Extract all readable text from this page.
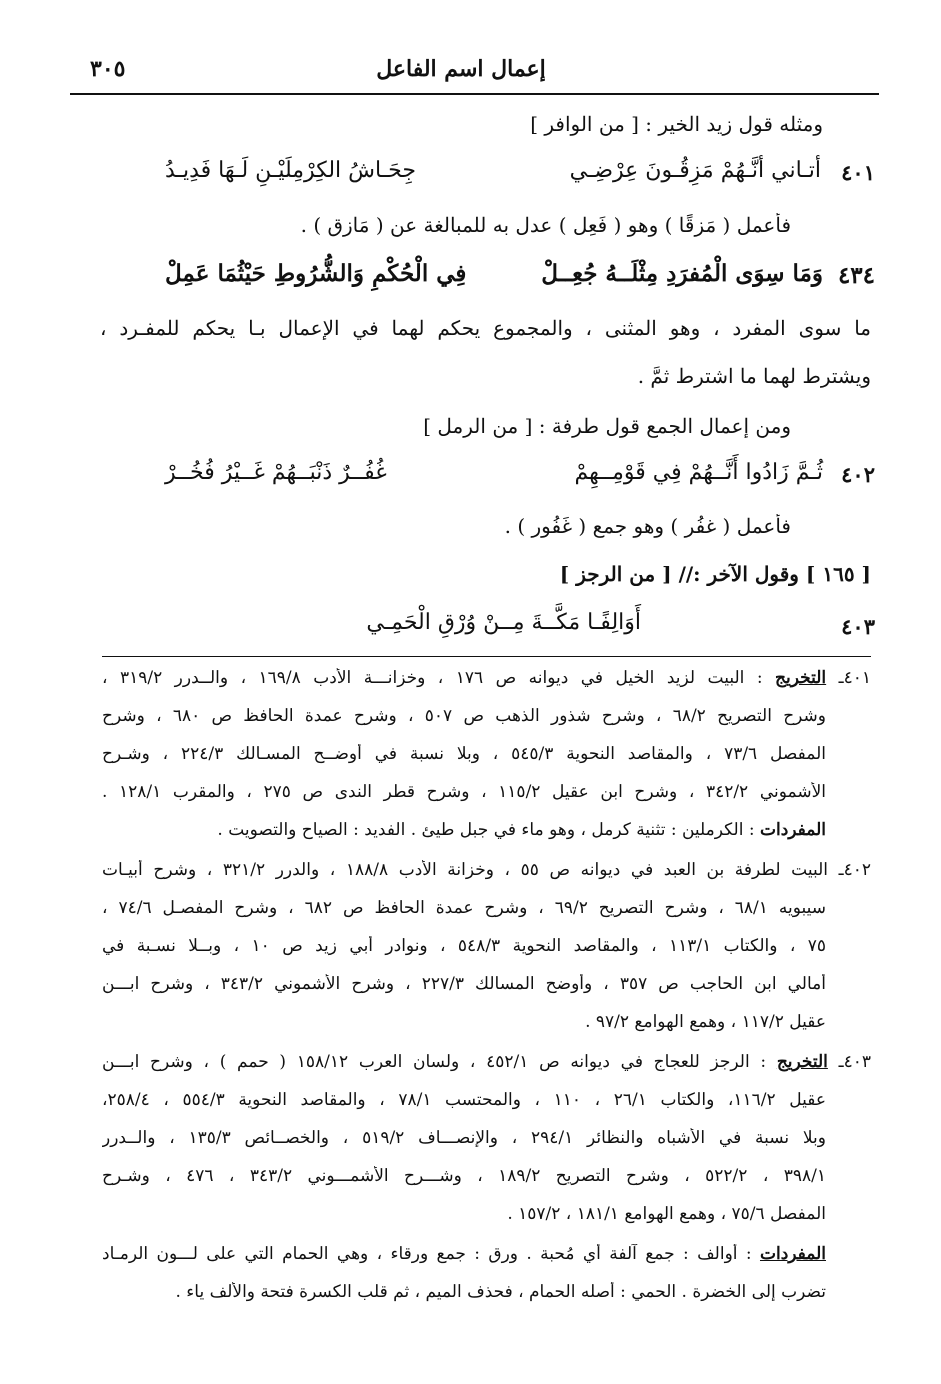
إعمال اسم الفاعل
٣٠٥
ومثله قول زيد الخير : [ من الوافر ]
٤٠١
أتـاني أنَّـهُمْ مَزِقُـونَ عِرْضِـي
جِحَـاشُ الكِرْمِلَيْـنِ لَـهَا فَدِيـدُ
فأعمل ( مَزِقًا ) وهو ( فَعِل ) عدل به للمبالغة عن ( مَازِق ) .
٤٣٤
وَمَا سِوَى الْمُفرَدِ مِثْلَــهُ جُعِــلْ
فِي الْحُكْمِ وَالشُّرُوطِ حَيْثُمَا عَمِلْ
ما سوى المفرد ، وهو المثنى ، والمجموع يحكم لهما في الإعمال بـا يحكم للمفـرد ،
ويشترط لهما ما اشترط ثمَّ .
ومن إعمال الجمع قول طرفة : [ من الرمل ]
٤٠٢
ثُـمَّ زَادُوا أَنَّــهُمْ فِي قَوْمِــهِمْ
غُفُــرٌ ذَنْبَــهُمْ غَــيْرُ فُخُــرْ
فأعمل ( غفُر ) وهو جمع ( غَفُور ) .
[ ١٦٥ ] وقول الآخر :// [ من الرجز ]
٤٠٣
أَوَالِفًـا مَكَّــةَ مِــنْ وُرْقِ الْحَمِـي
٤٠١ـ التخريج : البيت لزيد الخيل في ديوانه ص ١٧٦ ، وخزانـــة الأدب ١٦٩/٨ ، والــدرر ٣١٩/٢ ،
وشرح التصريح ٦٨/٢ ، وشرح شذور الذهب ص ٥٠٧ ، وشرح عمدة الحافظ ص ٦٨٠ ، وشرح
المفصل ٧٣/٦ ، والمقاصد النحوية ٥٤٥/٣ ، وبلا نسبة في أوضــح المسـالك ٢٢٤/٣ ، وشـرح
الأشموني ٣٤٢/٢ ، وشرح ابن عقيل ١١٥/٢ ، وشرح قطر الندى ص ٢٧٥ ، والمقرب ١٢٨/١ .
المفردات : الكرملين : تثنية كرمل ، وهو ماء في جبل طيئ . الفديد : الصياح والتصويت .
٤٠٢ـ البيت لطرفة بن العبد في ديوانه ص ٥٥ ، وخزانة الأدب ١٨٨/٨ ، والدرر ٣٢١/٢ ، وشرح أبيـات
سيبويه ٦٨/١ ، وشرح التصريح ٦٩/٢ ، وشرح عمدة الحافظ ص ٦٨٢ ، وشرح المفصـل ٧٤/٦ ،
٧٥ ، والكتاب ١١٣/١ ، والمقاصد النحوية ٥٤٨/٣ ، ونوادر أبي زيد ص ١٠ ، وبــلا نسـبة في
أمالي ابن الحاجب ص ٣٥٧ ، وأوضح المسالك ٢٢٧/٣ ، وشرح الأشموني ٣٤٣/٢ ، وشرح ابـــن
عقيل ١١٧/٢ ، وهمع الهوامع ٩٧/٢ .
٤٠٣ـ التخريج : الرجز للعجاج في ديوانه ص ٤٥٢/١ ، ولسان العرب ١٥٨/١٢ ( حمم ) ، وشرح ابـــن
عقيل ١١٦/٢، والكتاب ٢٦/١ ، ١١٠ ، والمحتسب ٧٨/١ ، والمقاصد النحوية ٥٥٤/٣ ، ٢٥٨/٤،
وبلا نسبة في الأشباه والنظائر ٢٩٤/١ ، والإنصـــاف ٥١٩/٢ ، والخصــائص ١٣٥/٣ ، والــدرر
٣٩٨/١ ، ٥٢٢/٢ ، وشرح التصريح ١٨٩/٢ ، وشـــرح الأشمـــوني ٣٤٣/٢ ، ٤٧٦ ، وشـرح
المفصل ٧٥/٦ ، وهمع الهوامع ١٨١/١ ، ١٥٧/٢ .
المفردات : أوالف : جمع آلفة أي مُحبة . ورق : جمع ورقاء ، وهي الحمام التي على لـــون الرمـاد
تضرب إلى الخضرة . الحمي : أصله الحمام ، فحذف الميم ، ثم قلب الكسرة فتحة والألف ياء .
